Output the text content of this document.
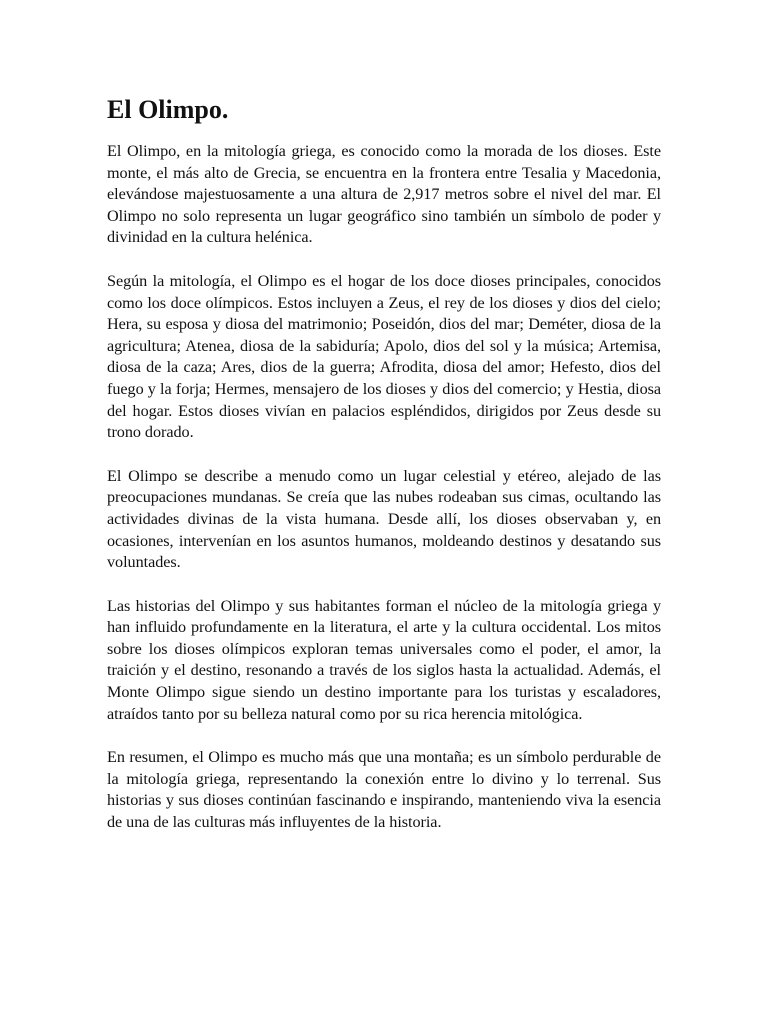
El Olimpo.

El Olimpo, en la mitología griega, es conocido como la morada de los dioses. Este monte, el más alto de Grecia, se encuentra en la frontera entre Tesalia y Macedonia, elevándose majestuosamente a una altura de 2,917 metros sobre el nivel del mar. El Olimpo no solo representa un lugar geográfico sino también un símbolo de poder y divinidad en la cultura helénica.

Según la mitología, el Olimpo es el hogar de los doce dioses principales, conocidos como los doce olímpicos. Estos incluyen a Zeus, el rey de los dioses y dios del cielo; Hera, su esposa y diosa del matrimonio; Poseidón, dios del mar; Deméter, diosa de la agricultura; Atenea, diosa de la sabiduría; Apolo, dios del sol y la música; Artemisa, diosa de la caza; Ares, dios de la guerra; Afrodita, diosa del amor; Hefesto, dios del fuego y la forja; Hermes, mensajero de los dioses y dios del comercio; y Hestia, diosa del hogar. Estos dioses vivían en palacios espléndidos, dirigidos por Zeus desde su trono dorado.

El Olimpo se describe a menudo como un lugar celestial y etéreo, alejado de las preocupaciones mundanas. Se creía que las nubes rodeaban sus cimas, ocultando las actividades divinas de la vista humana. Desde allí, los dioses observaban y, en ocasiones, intervenían en los asuntos humanos, moldeando destinos y desatando sus voluntades.

Las historias del Olimpo y sus habitantes forman el núcleo de la mitología griega y han influido profundamente en la literatura, el arte y la cultura occidental. Los mitos sobre los dioses olímpicos exploran temas universales como el poder, el amor, la traición y el destino, resonando a través de los siglos hasta la actualidad. Además, el Monte Olimpo sigue siendo un destino importante para los turistas y escaladores, atraídos tanto por su belleza natural como por su rica herencia mitológica.

En resumen, el Olimpo es mucho más que una montaña; es un símbolo perdurable de la mitología griega, representando la conexión entre lo divino y lo terrenal. Sus historias y sus dioses continúan fascinando e inspirando, manteniendo viva la esencia de una de las culturas más influyentes de la historia.
